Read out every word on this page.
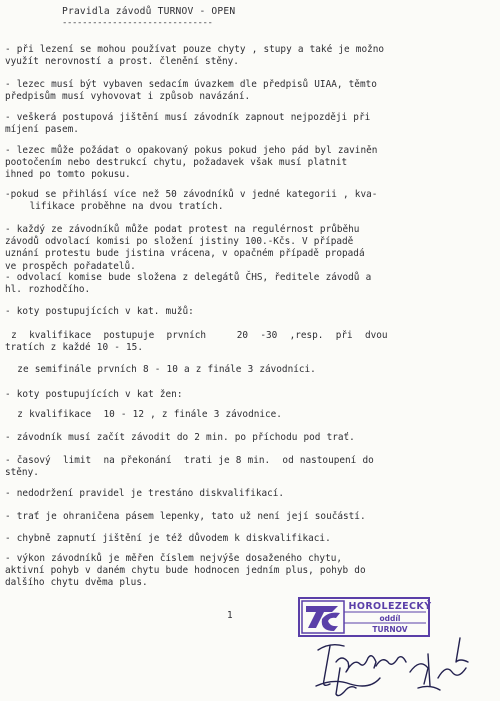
Pravidla závodů TURNOV - OPEN
------------------------------
- při lezení se mohou používat pouze chyty , stupy a také je možno
využít nerovností a prost. členění stěny.
- lezec musí být vybaven sedacím úvazkem dle předpisů UIAA, těmto
předpisům musí vyhovovat i způsob navázání.
- veškerá postupová jištění musí závodník zapnout nejpozději při
míjení pasem.
- lezec může požádat o opakovaný pokus pokud jeho pád byl zaviněn
pootočením nebo destrukcí chytu, požadavek však musí platnit
ihned po tomto pokusu.
-pokud se přihlásí více než 50 závodníků v jedné kategorii , kva-
lifikace proběhne na dvou tratích.
- každý ze závodníků může podat protest na regulérnost průběhu
závodů odvolací komisi po složení jistiny 100.-Kčs. V případě
uznání protestu bude jistina vrácena, v opačném případě propadá
ve prospěch pořadatelů.
- odvolací komise bude složena z delegátů ČHS, ředitele závodů a
hl. rozhodčího.
- koty postupujících v kat. mužů:
z  kvalifikace  postupuje  prvních     20  -30  ,resp.  při  dvou
tratích z každé 10 - 15.
ze semifinále prvních 8 - 10 a z finále 3 závodníci.
- koty postupujících v kat žen:
z kvalifikace  10 - 12 , z finále 3 závodnice.
- závodník musí začít závodit do 2 min. po příchodu pod trať.
- časový  limit  na překonání  trati je 8 min.  od nastoupení do
stěny.
- nedodržení pravidel je trestáno diskvalifikací.
- trať je ohraničena pásem lepenky, tato už není její součástí.
- chybně zapnutí jištění je též důvodem k diskvalifikaci.
- výkon závodníků je měřen číslem nejvýše dosaženého chytu,
aktivní pohyb v daném chytu bude hodnocen jedním plus, pohyb do
dalšího chytu dvěma plus.
1
HOROLEZECKÝ
oddíl
TURNOV
